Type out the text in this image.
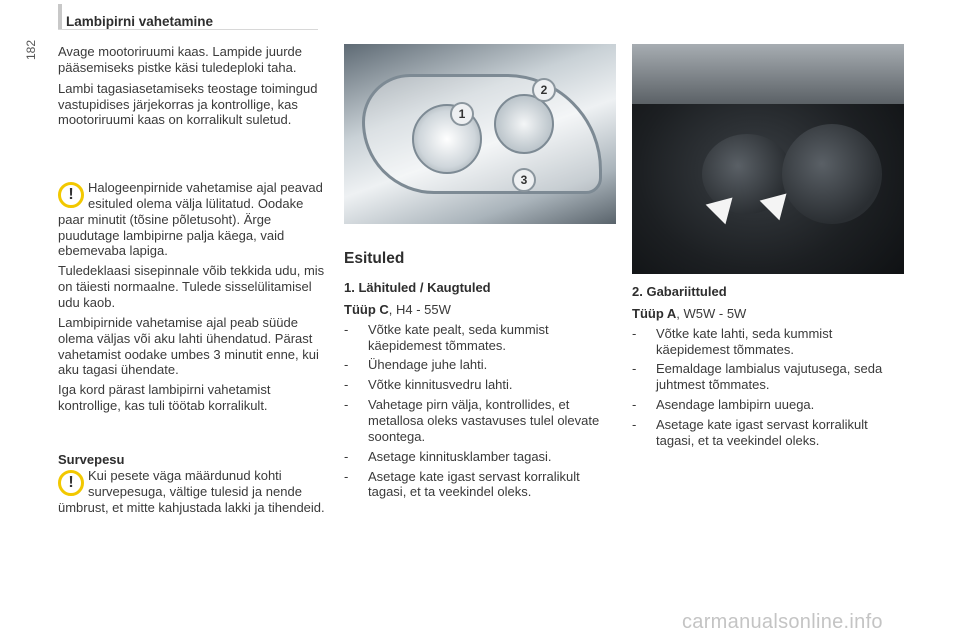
Lambipirni vahetamine
182 Avage mootoriruumi kaas. Lampide juurde pääsemiseks pistke käsi tuledeploki taha.

Lambi tagasiasetamiseks teostage toimingud vastupidises järjekorras ja kontrollige, kas mootoriruumi kaas on korralikult suletud.

!	Halogeenpirnide vahetamise ajal peavad esituled olema välja lülitatud. Oodake paar minutit (tõsine põletusoht). Ärge puudutage lambipirne palja käega, vaid ebemevaba lapiga.

Tuledeklaasi sisepinnale võib tekkida udu, mis on täiesti normaalne. Tulede sisselülitamisel udu kaob.

Lambipirnide vahetamise ajal peab süüde olema väljas või aku lahti ühendatud. Pärast vahetamist oodake umbes 3 minutit enne, kui aku tagasi ühendate.

Iga kord pärast lambipirni vahetamist kontrollige, kas tuli töötab korralikult.

Survepesu
!	Kui pesete väga määrdunud kohti survepesuga, vältige tulesid ja nende ümbrust, et mitte kahjustada lakki ja tihendeid.

1
2
3
Esituled
1. Lähituled / Kaugtuled
Tüüp C, H4 - 55W
- Võtke kate pealt, seda kummist käepidemest tõmmates.
- Ühendage juhe lahti.
- Võtke kinnitusvedru lahti.
- Vahetage pirn välja, kontrollides, et metallosa oleks vastavuses tulel olevate soontega.
- Asetage kinnitusklamber tagasi.
- Asetage kate igast servast korralikult tagasi, et ta veekindel oleks.
2. Gabariittuled
Tüüp A, W5W - 5W
- Võtke kate lahti, seda kummist käepidemest tõmmates.
- Eemaldage lambialus vajutusega, seda juhtmest tõmmates.
- Asendage lambipirn uuega.
- Asetage kate igast servast korralikult tagasi, et ta veekindel oleks.
carmanualsonline.info
